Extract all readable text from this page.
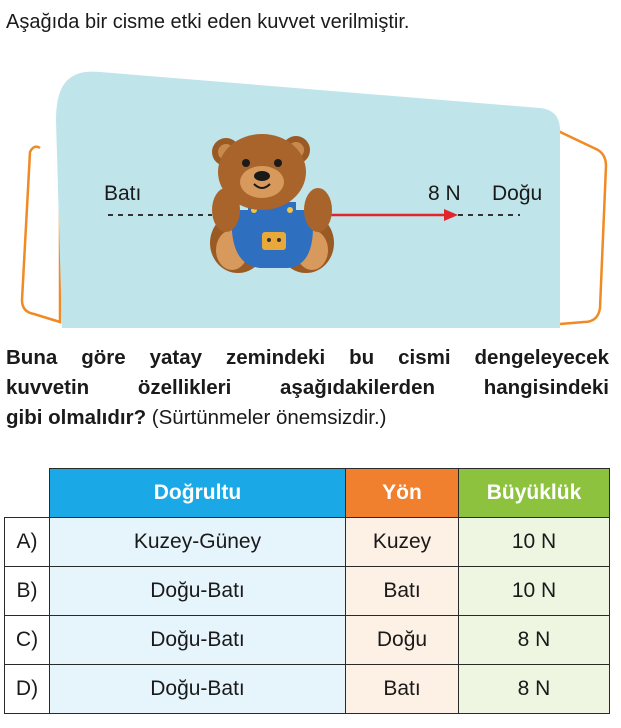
Aşağıda bir cisme etki eden kuvvet verilmiştir.
Batı	8 N Doğu
Buna göre yatay zemindeki bu cismi dengeleyecek
kuvvetin özellikleri aşağıdakilerden hangisindeki
gibi olmalıdır? (Sürtünmeler önemsizdir.)
	Doğrultu	Yön	Büyüklük
A)	Kuzey-Güney	Kuzey	10 N
B)	Doğu-Batı	Batı	10 N
C)	Doğu-Batı	Doğu	8 N
D)	Doğu-Batı	Batı	8 N
